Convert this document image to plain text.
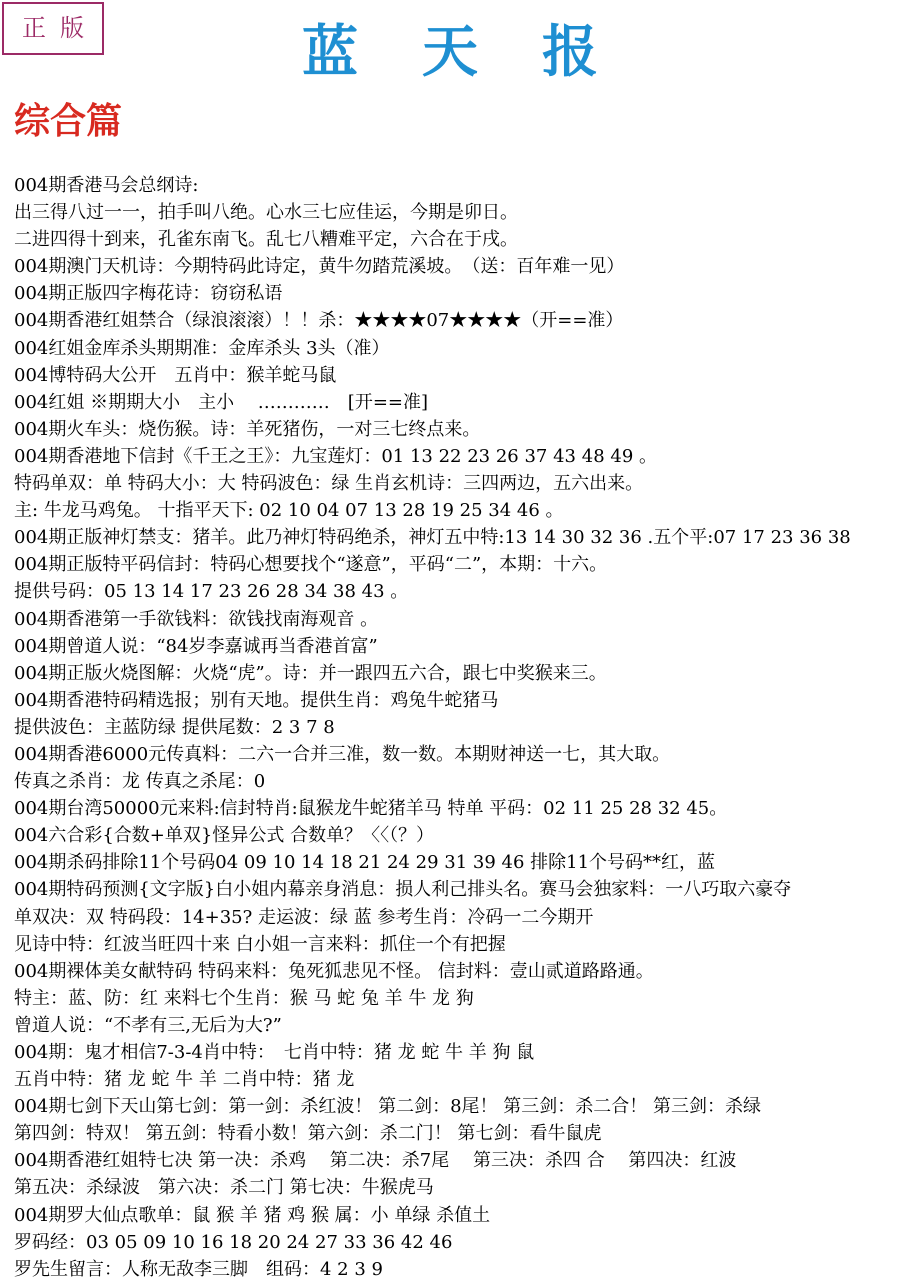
正版	蓝天报
综合篇
004期香港马会总纲诗:
出三得八过一一，拍手叫八绝。心水三七应佳运，今期是卯日。
二进四得十到来，孔雀东南飞。乱七八糟难平定，六合在于戌。
004期澳门天机诗：今期特码此诗定，黄牛勿踏荒溪坡。　（送：百年难一见）
004期正版四字梅花诗：窃窃私语
004期香港红姐禁合（绿浪滚滚）！！杀：★★★★07★★★★（开==准）
004红姐金库杀头期期准：金库杀头 3头（准）
004博特码大公开　五肖中：猴羊蛇马鼠
004红姐 ※期期大小　主小　 …………　[开==准]
004期火车头：烧伤猴。诗：羊死猪伤，一对三七终点来。
004期香港地下信封《千王之王》：九宝莲灯：01 13 22 23 26 37 43 48 49 。
特码单双：单 特码大小：大 特码波色：绿 生肖玄机诗：三四两边，五六出来。
主: 牛龙马鸡兔。 十指平天下: 02 10 04 07 13 28 19 25 34 46 。
004期正版神灯禁支：猪羊。此乃神灯特码绝杀，神灯五中特:13 14 30 32 36 .五个平:07 17 23 36 38
004期正版特平码信封：特码心想要找个“遂意”，平码“二”，本期：十六。
提供号码：05 13 14 17 23 26 28 34 38 43 。
004期香港第一手欲钱料：欲钱找南海观音 。
004期曾道人说：“84岁李嘉诚再当香港首富”
004期正版火烧图解：火烧“虎”。诗：并一跟四五六合，跟七中奖猴来三。
004期香港特码精选报；别有天地。提供生肖：鸡兔牛蛇猪马
提供波色：主蓝防绿 提供尾数：2 3 7 8
004期香港6000元传真料：二六一合并三准，数一数。本期财神送一七，其大取。
传真之杀肖：龙 传真之杀尾：0
004期台湾50000元来料:信封特肖:鼠猴龙牛蛇猪羊马 特单 平码：02 11 25 28 32 45。
004六合彩{合数+单双}怪异公式 合数单？〈〈（？）
004期杀码排除11个号码04 09 10 14 18 21 24 29 31 39 46 排除11个号码**红，蓝
004期特码预测{文字版}白小姐内幕亲身消息：损人利己排头名。赛马会独家料：一八巧取六豪夺
单双决：双 特码段：14+35? 走运波：绿 蓝 参考生肖：冷码一二今期开
见诗中特：红波当旺四十来 白小姐一言来料：抓住一个有把握
004期裸体美女献特码 特码来料：兔死狐悲见不怪。 信封料：壹山贰道路路通。
特主：蓝、防：红 来料七个生肖：猴 马 蛇 兔 羊 牛 龙 狗
曾道人说：“不孝有三,无后为大?”
004期：鬼才相信7-3-4肖中特：　七肖中特：猪 龙 蛇 牛 羊 狗 鼠
五肖中特：猪 龙 蛇 牛 羊 二肖中特：猪 龙
004期七剑下天山第七剑：第一剑：杀红波！ 第二剑：8尾！ 第三剑：杀二合！ 第三剑：杀绿
第四剑：特双！ 第五剑：特看小数！第六剑：杀二门！ 第七剑：看牛鼠虎
004期香港红姐特七决 第一决：杀鸡　 第二决：杀7尾　 第三决：杀四 合　 第四决：红波
第五决：杀绿波　第六决：杀二门 第七决：牛猴虎马
004期罗大仙点歌单：鼠 猴 羊 猪 鸡 猴 属：小 单绿 杀值土
罗码经：03 05 09 10 16 18 20 24 27 33 36 42 46
罗先生留言：人称无敌李三脚　组码：4 2 3 9
